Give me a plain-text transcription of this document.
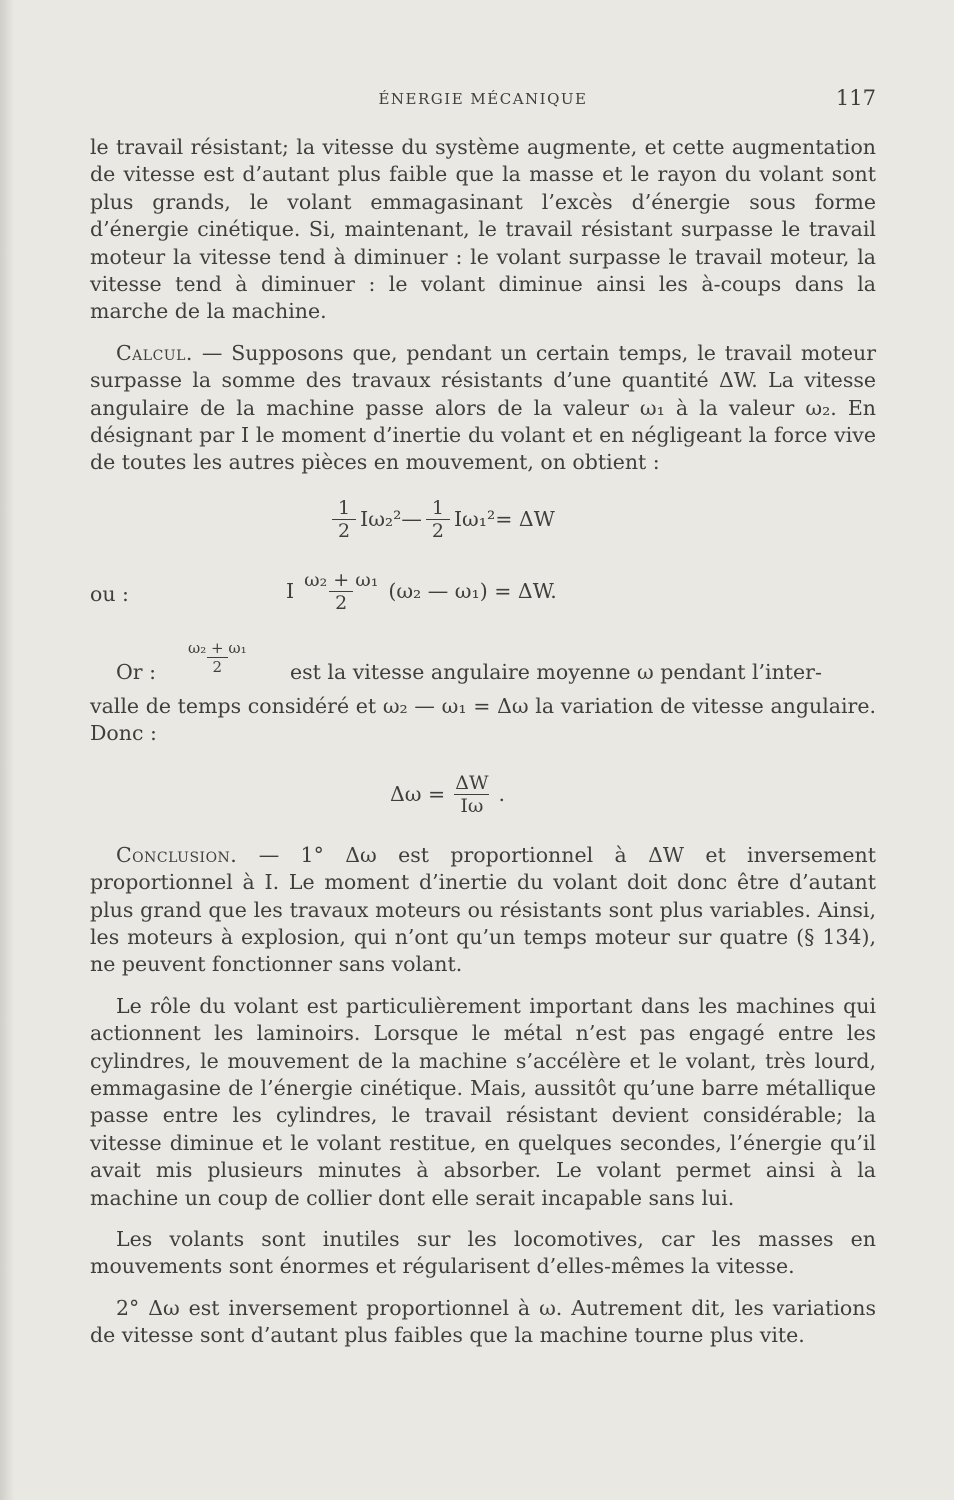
ÉNERGIE MÉCANIQUE	117

le travail résistant; la vitesse du système augmente, et cette augmentation de vitesse est d’autant plus faible que la masse et le rayon du volant sont plus grands, le volant emmagasinant l’excès d’énergie sous forme d’énergie cinétique. Si, maintenant, le travail résistant surpasse le travail moteur la vitesse tend à diminuer : le volant surpasse le travail moteur, la vitesse tend à diminuer : le volant diminue ainsi les à-coups dans la marche de la machine.

Calcul. — Supposons que, pendant un certain temps, le travail moteur surpasse la somme des travaux résistants d’une quantité ΔW. La vitesse angulaire de la machine passe alors de la valeur ω₁ à la valeur ω₂. En désignant par I le moment d’inertie du volant et en négligeant la force vive de toutes les autres pièces en mouvement, on obtient :

$\frac{1}{2} I\omega_2^2$ — $\frac{1}{2} I\omega_1^2 = \Delta W$
ou :	I $\frac{\text{ω₂ + ω₁}}{2} (\omega_2$ — ω₁) = ΔW.
Or : $\frac{\text{ω₂ + ω₁}}{2}$ est la vitesse angulaire moyenne ω pendant l’inter-

valle de temps considéré et ω₂ — ω₁ = Δω la variation de vitesse angulaire. Donc :

$\Delta\omega = \frac{\Delta W}{I\omega}$ .

Conclusion. — 1° Δω est proportionnel à ΔW et inversement proportionnel à I. Le moment d’inertie du volant doit donc être d’autant plus grand que les travaux moteurs ou résistants sont plus variables. Ainsi, les moteurs à explosion, qui n’ont qu’un temps moteur sur quatre (§ 134), ne peuvent fonctionner sans volant.

Le rôle du volant est particulièrement important dans les machines qui actionnent les laminoirs. Lorsque le métal n’est pas engagé entre les cylindres, le mouvement de la machine s’accélère et le volant, très lourd, emmagasine de l’énergie cinétique. Mais, aussitôt qu’une barre métallique passe entre les cylindres, le travail résistant devient considérable; la vitesse diminue et le volant restitue, en quelques secondes, l’énergie qu’il avait mis plusieurs minutes à absorber. Le volant permet ainsi à la machine un coup de collier dont elle serait incapable sans lui.

Les volants sont inutiles sur les locomotives, car les masses en mouvements sont énormes et régularisent d’elles-mêmes la vitesse.

2° Δω est inversement proportionnel à ω. Autrement dit, les variations de vitesse sont d’autant plus faibles que la machine tourne plus vite.
